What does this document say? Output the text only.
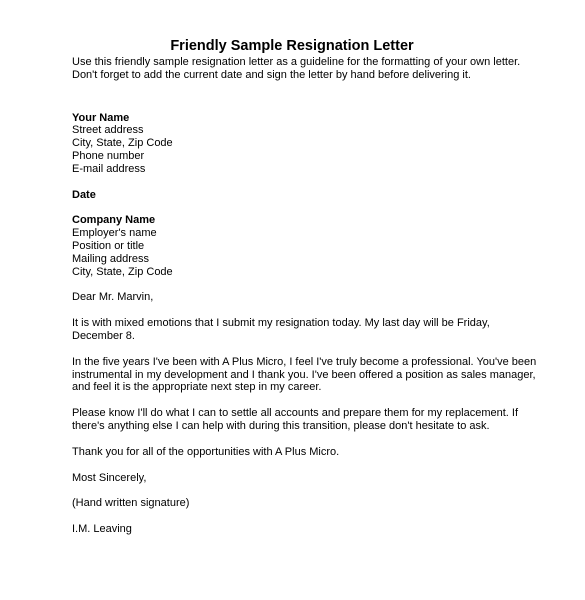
Friendly Sample Resignation Letter

Use this friendly sample resignation letter as a guideline for the formatting of your own letter. Don't forget to add the current date and sign the letter by hand before delivering it.

Your Name
Street address
City, State, Zip Code
Phone number
E-mail address
Date
Company Name
Employer's name
Position or title
Mailing address
City, State, Zip Code

Dear Mr. Marvin,

It is with mixed emotions that I submit my resignation today. My last day will be Friday, December 8.

In the five years I've been with A Plus Micro, I feel I've truly become a professional. You've been instrumental in my development and I thank you. I've been offered a position as sales manager, and feel it is the appropriate next step in my career.

Please know I'll do what I can to settle all accounts and prepare them for my replacement. If there's anything else I can help with during this transition, please don't hesitate to ask.

Thank you for all of the opportunities with A Plus Micro.

Most Sincerely,

(Hand written signature)

I.M. Leaving
